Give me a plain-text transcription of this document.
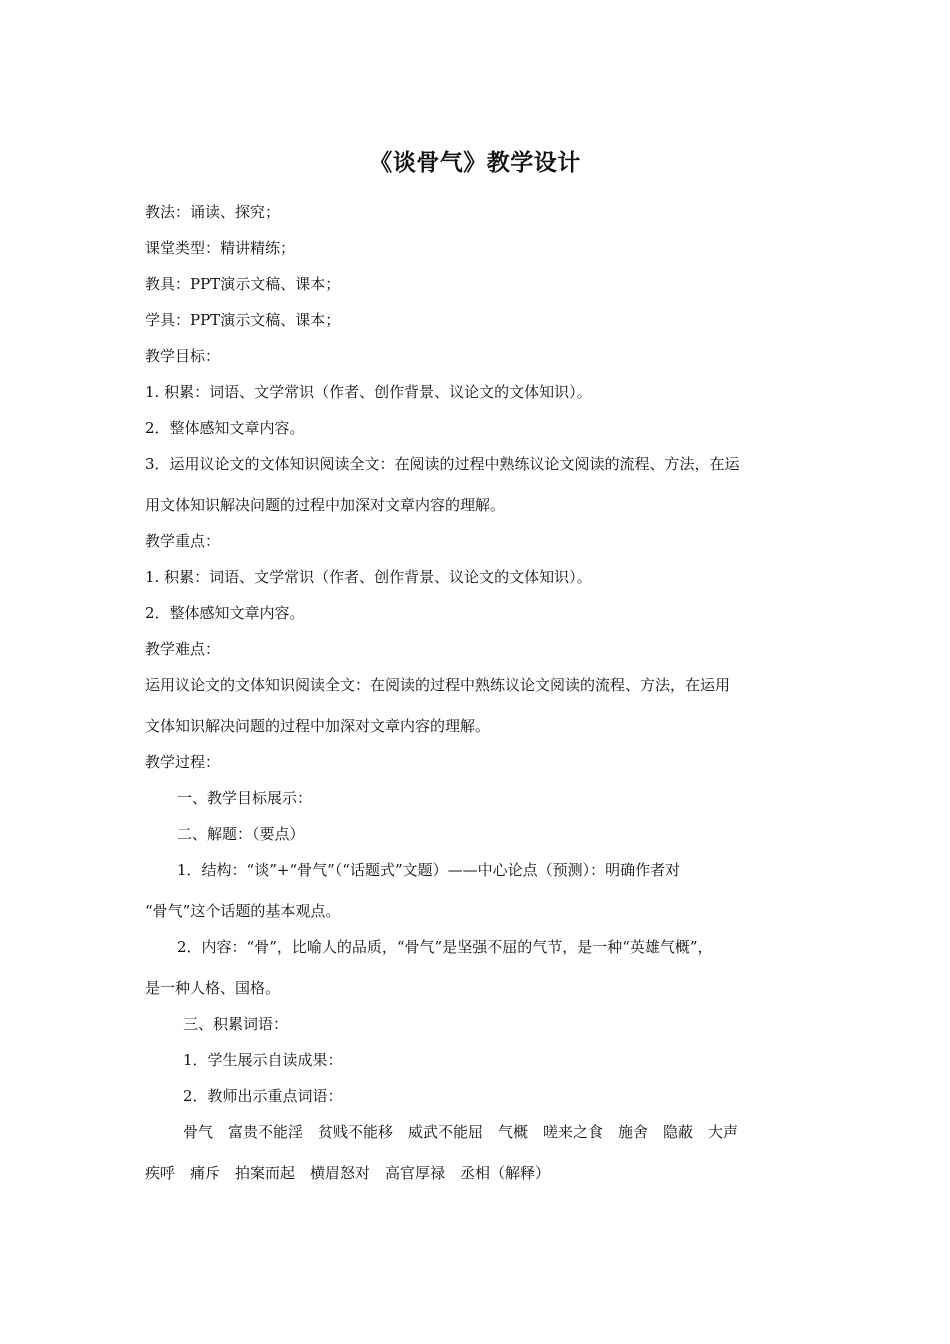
《谈骨气》教学设计

教法：诵读、探究；

课堂类型：精讲精练；

教具：PPT演示文稿、课本；

学具：PPT演示文稿、课本；

教学目标：

1. 积累：词语、文学常识（作者、创作背景、议论文的文体知识）。

2．整体感知文章内容。

3．运用议论文的文体知识阅读全文：在阅读的过程中熟练议论文阅读的流程、方法，在运

用文体知识解决问题的过程中加深对文章内容的理解。

教学重点：

1. 积累：词语、文学常识（作者、创作背景、议论文的文体知识）。

2．整体感知文章内容。

教学难点：

运用议论文的文体知识阅读全文：在阅读的过程中熟练议论文阅读的流程、方法，在运用

文体知识解决问题的过程中加深对文章内容的理解。

教学过程：

一、教学目标展示：

二、解题：（要点）

1．结构：“谈”+“骨气”（“话题式”文题）——中心论点（预测）：明确作者对

“骨气”这个话题的基本观点。

2．内容：“骨”，比喻人的品质，“骨气”是坚强不屈的气节，是一种“英雄气概”，

是一种人格、国格。

三、积累词语：

1．学生展示自读成果：

2．教师出示重点词语：

骨气　富贵不能淫　贫贱不能移　威武不能屈　气概　嗟来之食　施舍　隐蔽　大声

疾呼　痛斥　拍案而起　横眉怒对　高官厚禄　丞相（解释）
